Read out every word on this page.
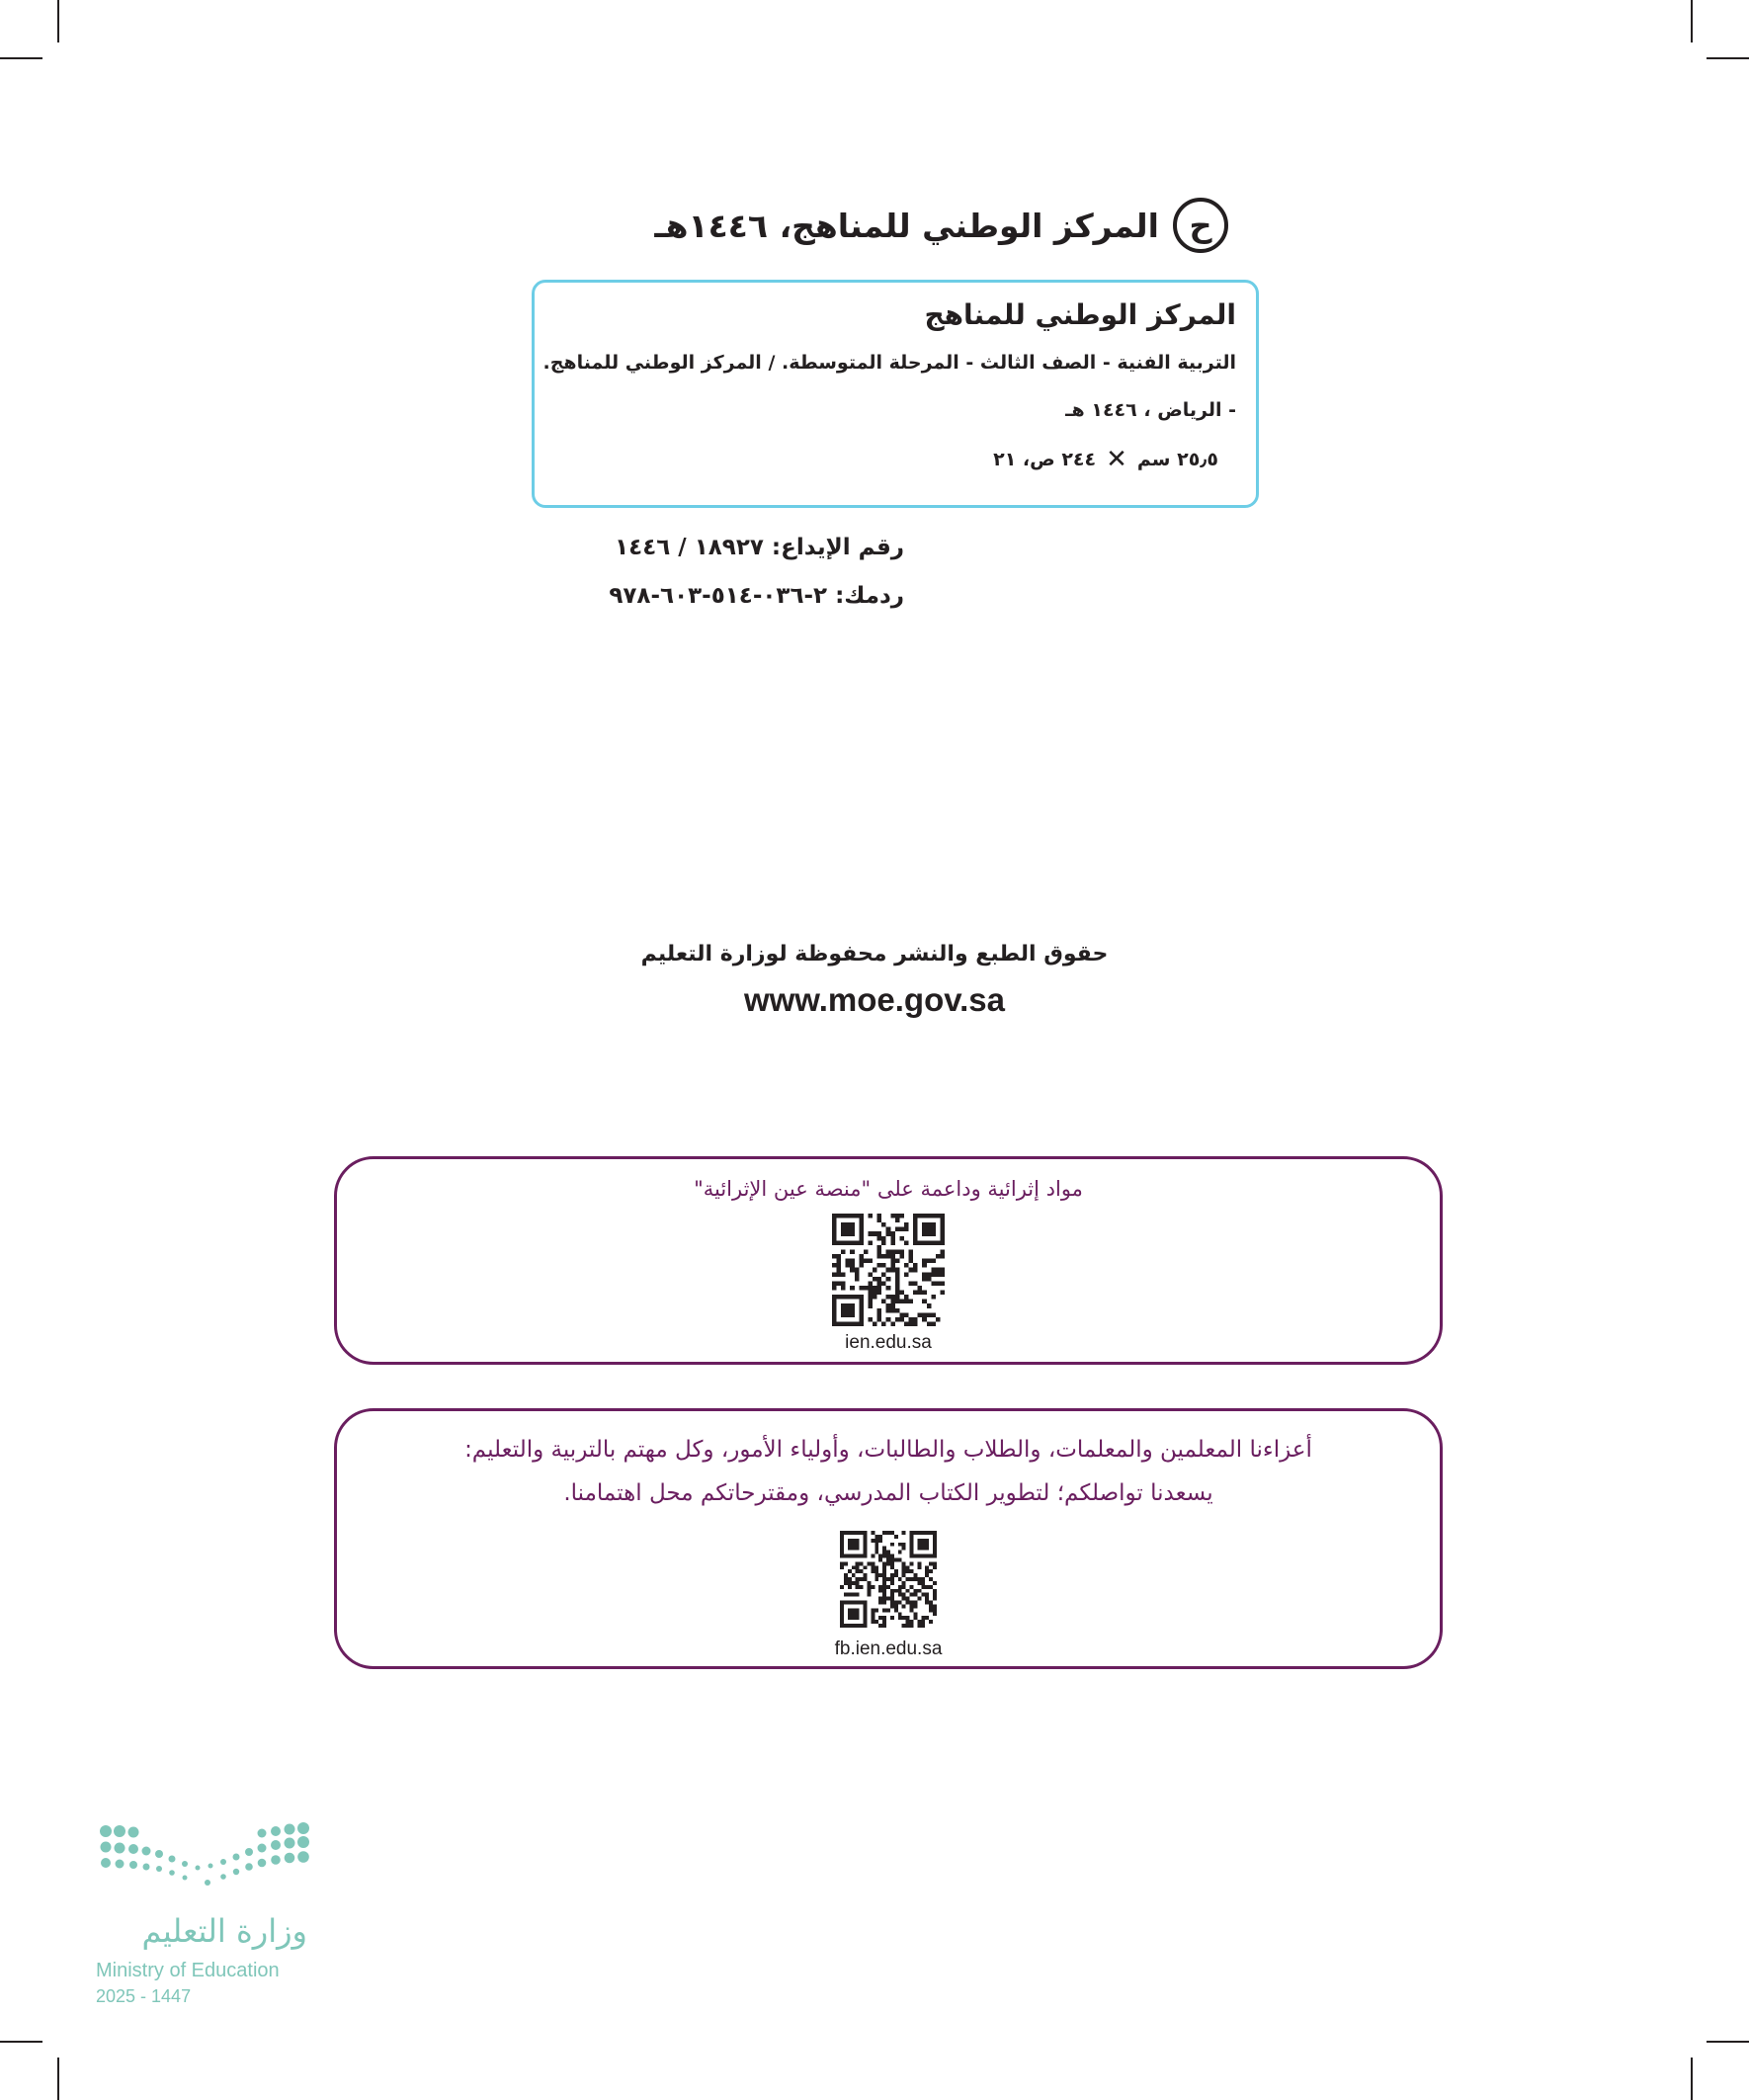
ح
المركز الوطني للمناهج، ١٤٤٦هـ
المركز الوطني للمناهج
التربية الفنية - الصف الثالث - المرحلة المتوسطة. / المركز الوطني للمناهج.
- الرياض ، ١٤٤٦ هـ
٢٤٤ ص، ٢١ ✕ ٢٥٫٥ سم
رقم الإيداع: ١٨٩٢٧ / ١٤٤٦
ردمك: ٢-٠٣٦-٥١٤-٦٠٣-٩٧٨
حقوق الطبع والنشر محفوظة لوزارة التعليم
www.moe.gov.sa
مواد إثرائية وداعمة على "منصة عين الإثرائية"
ien.edu.sa
أعزاءنا المعلمين والمعلمات، والطلاب والطالبات، وأولياء الأمور، وكل مهتم بالتربية والتعليم:
يسعدنا تواصلكم؛ لتطوير الكتاب المدرسي، ومقترحاتكم محل اهتمامنا.
fb.ien.edu.sa
وزارة التعليم
Ministry of Education
2025 - 1447
